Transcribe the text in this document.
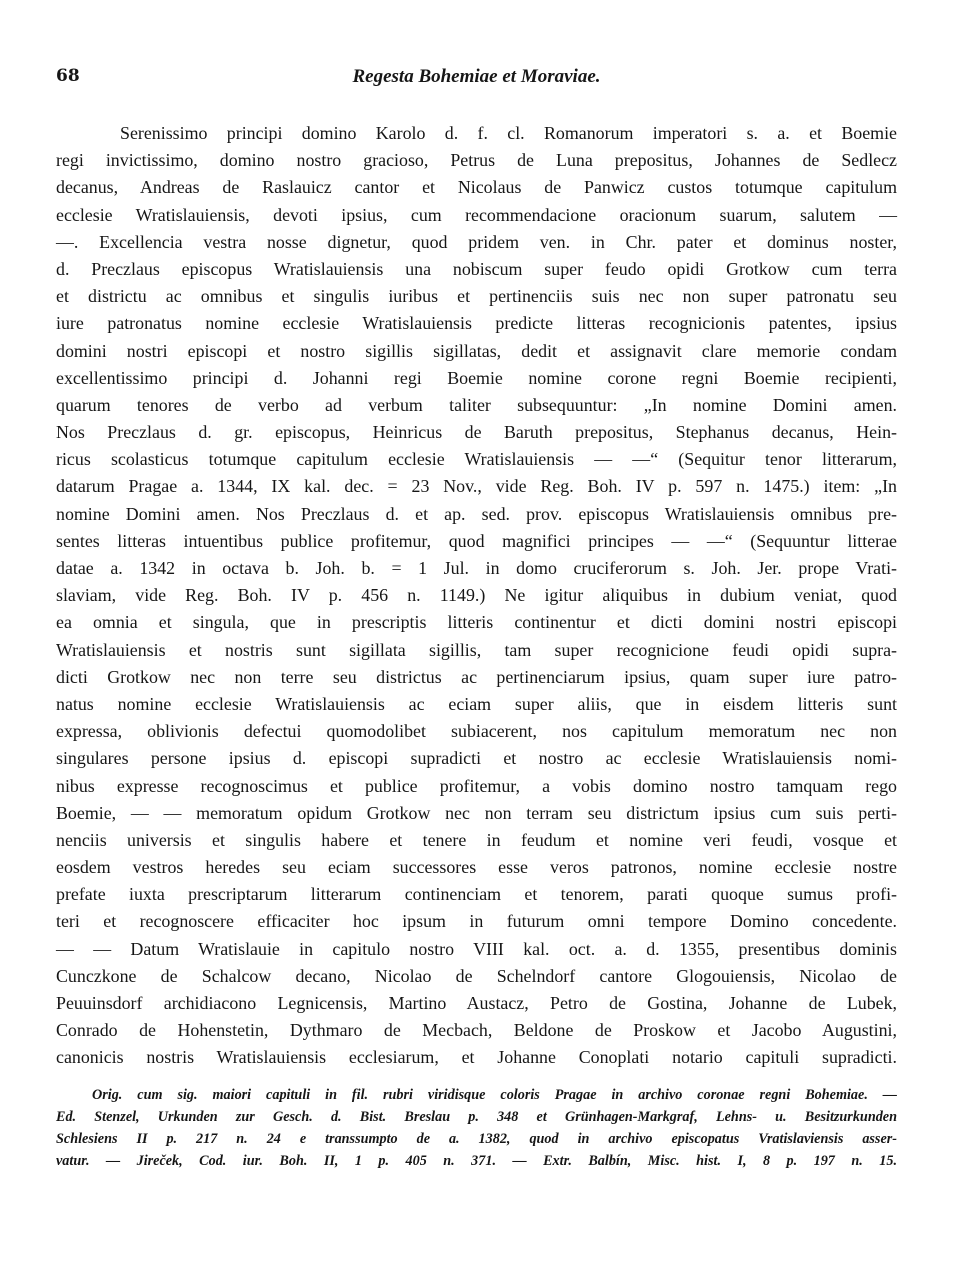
68	Regesta Bohemiae et Moraviae.
Serenissimo principi domino Karolo d. f. cl. Romanorum imperatori s. a. et Boemie
regi invictissimo, domino nostro gracioso, Petrus de Luna prepositus, Johannes de Sedlecz
decanus, Andreas de Raslauicz cantor et Nicolaus de Panwicz custos totumque capitulum
ecclesie Wratislauiensis, devoti ipsius, cum recommendacione oracionum suarum, salutem —
—. Excellencia vestra nosse dignetur, quod pridem ven. in Chr. pater et dominus noster,
d. Preczlaus episcopus Wratislauiensis una nobiscum super feudo opidi Grotkow cum terra
et districtu ac omnibus et singulis iuribus et pertinenciis suis nec non super patronatu seu
iure patronatus nomine ecclesie Wratislauiensis predicte litteras recognicionis patentes, ipsius
domini nostri episcopi et nostro sigillis sigillatas, dedit et assignavit clare memorie condam
excellentissimo principi d. Johanni regi Boemie nomine corone regni Boemie recipienti,
quarum tenores de verbo ad verbum taliter subsequuntur: „In nomine Domini amen.
Nos Preczlaus d. gr. episcopus, Heinricus de Baruth prepositus, Stephanus decanus, Hein-
ricus scolasticus totumque capitulum ecclesie Wratislauiensis — —“ (Sequitur tenor litterarum,
datarum Pragae a. 1344, IX kal. dec. = 23 Nov., vide Reg. Boh. IV p. 597 n. 1475.) item: „In
nomine Domini amen. Nos Preczlaus d. et ap. sed. prov. episcopus Wratislauiensis omnibus pre-
sentes litteras intuentibus publice profitemur, quod magnifici principes — —“ (Sequuntur litterae
datae a. 1342 in octava b. Joh. b. = 1 Jul. in domo cruciferorum s. Joh. Jer. prope Vrati-
slaviam, vide Reg. Boh. IV p. 456 n. 1149.) Ne igitur aliquibus in dubium veniat, quod
ea omnia et singula, que in prescriptis litteris continentur et dicti domini nostri episcopi
Wratislauiensis et nostris sunt sigillata sigillis, tam super recognicione feudi opidi supra-
dicti Grotkow nec non terre seu districtus ac pertinenciarum ipsius, quam super iure patro-
natus nomine ecclesie Wratislauiensis ac eciam super aliis, que in eisdem litteris sunt
expressa, oblivionis defectui quomodolibet subiacerent, nos capitulum memoratum nec non
singulares persone ipsius d. episcopi supradicti et nostro ac ecclesie Wratislauiensis nomi-
nibus expresse recognoscimus et publice profitemur, a vobis domino nostro tamquam rego
Boemie, — — memoratum opidum Grotkow nec non terram seu districtum ipsius cum suis perti-
nenciis universis et singulis habere et tenere in feudum et nomine veri feudi, vosque et
eosdem vestros heredes seu eciam successores esse veros patronos, nomine ecclesie nostre
prefate iuxta prescriptarum litterarum continenciam et tenorem, parati quoque sumus profi-
teri et recognoscere efficaciter hoc ipsum in futurum omni tempore Domino concedente.
— — Datum Wratislauie in capitulo nostro VIII kal. oct. a. d. 1355, presentibus dominis
Cunczkone de Schalcow decano, Nicolao de Schelndorf cantore Glogouiensis, Nicolao de
Peuuinsdorf archidiacono Legnicensis, Martino Austacz, Petro de Gostina, Johanne de Lubek,
Conrado de Hohenstetin, Dythmaro de Mecbach, Beldone de Proskow et Jacobo Augustini,
canonicis nostris Wratislauiensis ecclesiarum, et Johanne Conoplati notario capituli supradicti.
Orig. cum sig. maiori capituli in fil. rubri viridisque coloris Pragae in archivo coronae regni Bohemiae. —
Ed. Stenzel, Urkunden zur Gesch. d. Bist. Breslau p. 348 et Grünhagen-Markgraf, Lehns- u. Besitzurkunden
Schlesiens II p. 217 n. 24 e transsumpto de a. 1382, quod in archivo episcopatus Vratislaviensis asser-
vatur. — Jireček, Cod. iur. Boh. II, 1 p. 405 n. 371. — Extr. Balbín, Misc. hist. I, 8 p. 197 n. 15.
